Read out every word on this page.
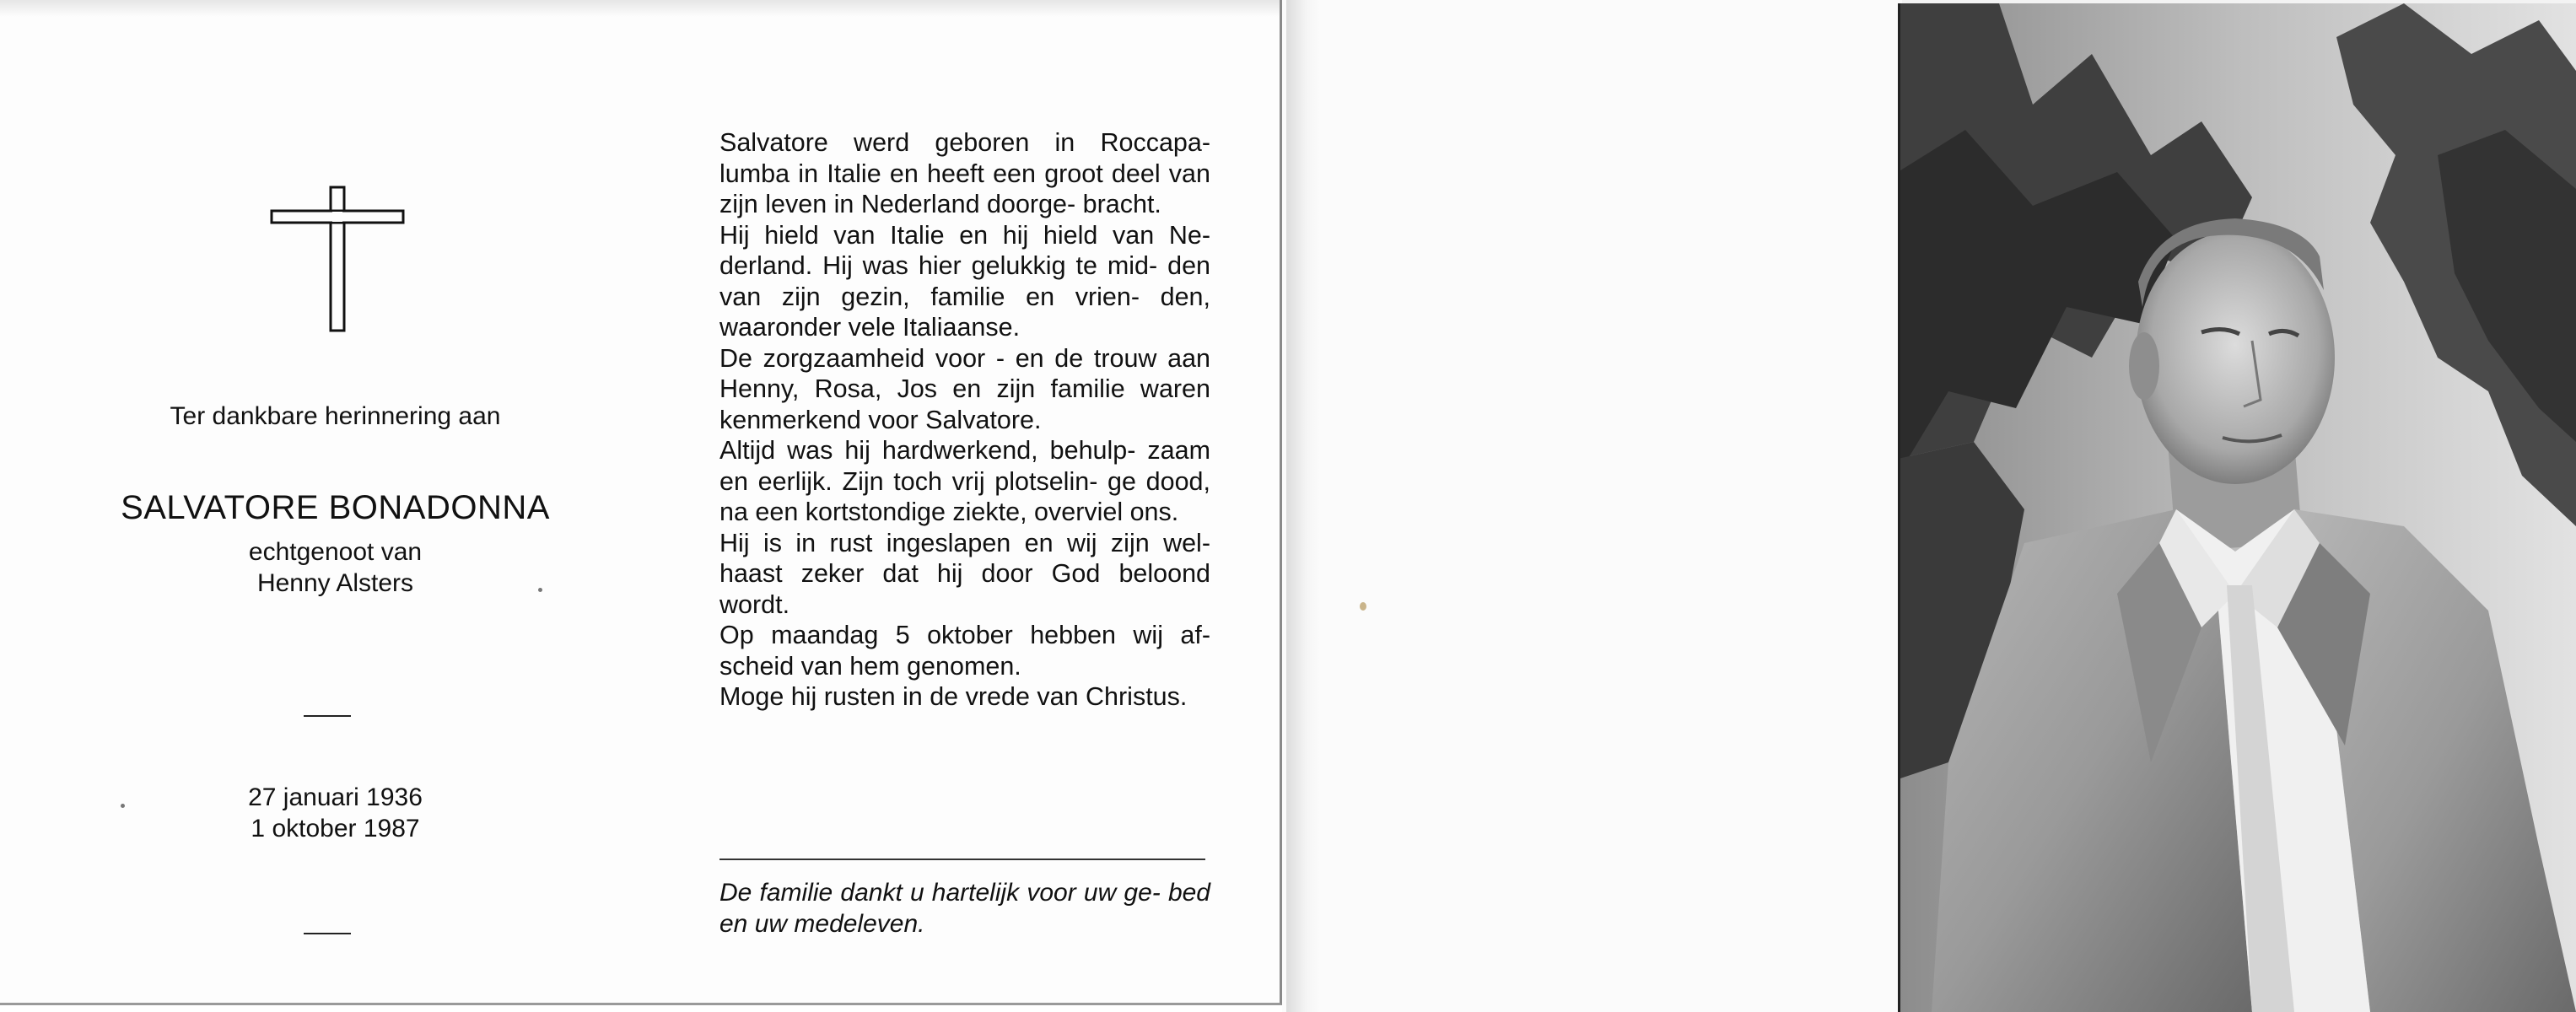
Ter dankbare herinnering aan
SALVATORE BONADONNA
echtgenoot van
Henny Alsters
27 januari 1936
1 oktober 1987

Salvatore werd geboren in Roccapa- lumba in Italie en heeft een groot deel van zijn leven in Nederland doorge- bracht.

Hij hield van Italie en hij hield van Ne- derland. Hij was hier gelukkig te mid- den van zijn gezin, familie en vrien- den, waaronder vele Italiaanse.

De zorgzaamheid voor - en de trouw aan Henny, Rosa, Jos en zijn familie waren kenmerkend voor Salvatore.

Altijd was hij hardwerkend, behulp- zaam en eerlijk. Zijn toch vrij plotselin- ge dood, na een kortstondige ziekte, overviel ons.

Hij is in rust ingeslapen en wij zijn wel- haast zeker dat hij door God beloond wordt.

Op maandag 5 oktober hebben wij af- scheid van hem genomen.

Moge hij rusten in de vrede van Christus.

De familie dankt u hartelijk voor uw ge- bed en uw medeleven.
